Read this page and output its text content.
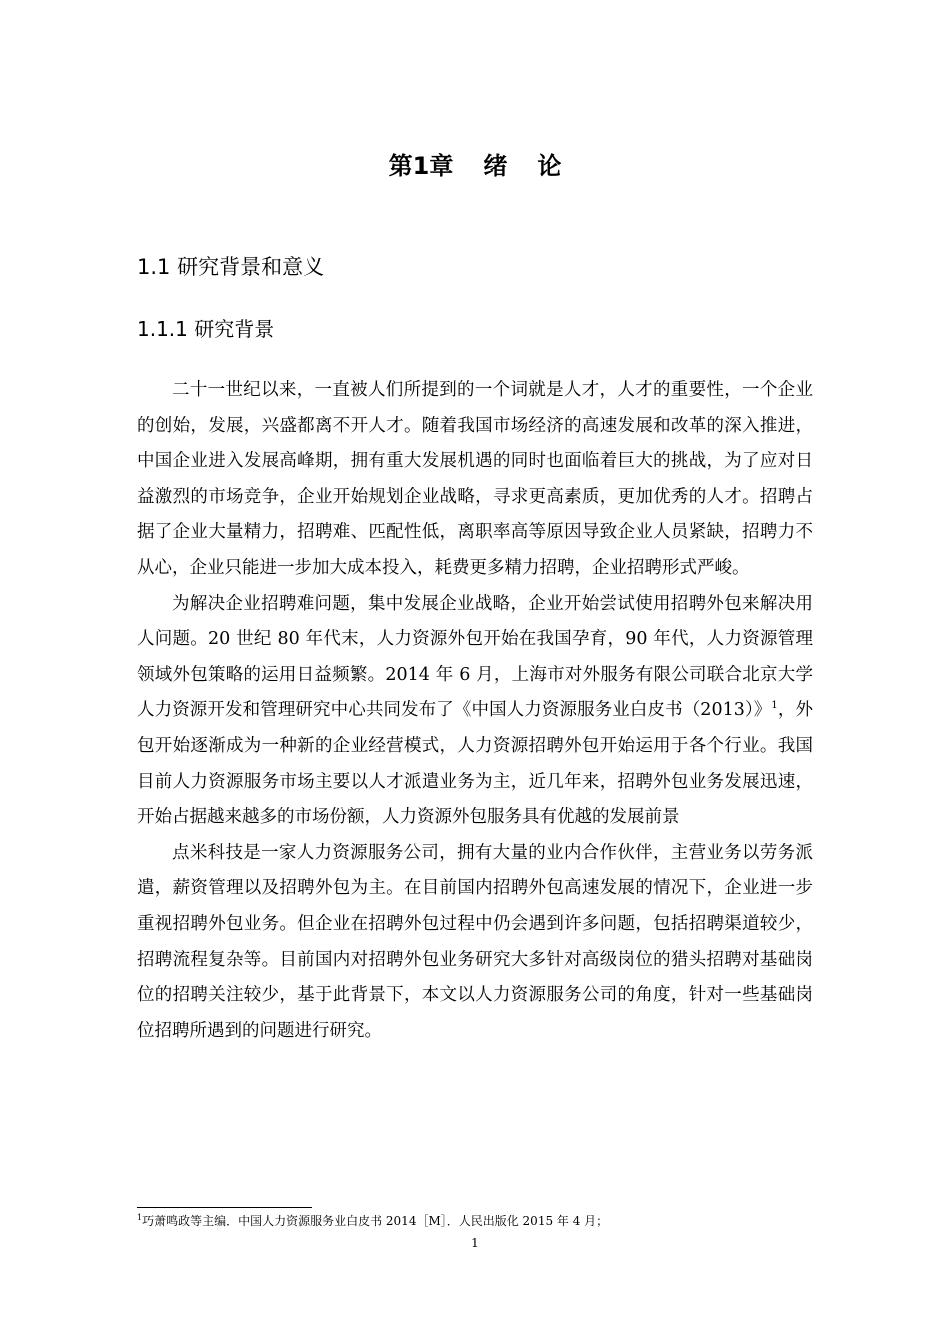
第1章 绪 论
1.1 研究背景和意义
1.1.1 研究背景

二十一世纪以来，一直被人们所提到的一个词就是人才，人才的重要性，一个企业的创始，发展，兴盛都离不开人才。随着我国市场经济的高速发展和改革的深入推进，中国企业进入发展高峰期，拥有重大发展机遇的同时也面临着巨大的挑战，为了应对日益激烈的市场竞争，企业开始规划企业战略，寻求更高素质，更加优秀的人才。招聘占据了企业大量精力，招聘难、匹配性低，离职率高等原因导致企业人员紧缺，招聘力不从心，企业只能进一步加大成本投入，耗费更多精力招聘，企业招聘形式严峻。

为解决企业招聘难问题，集中发展企业战略，企业开始尝试使用招聘外包来解决用人问题。20 世纪 80 年代末，人力资源外包开始在我国孕育，90 年代，人力资源管理领域外包策略的运用日益频繁。2014 年 6 月，上海市对外服务有限公司联合北京大学人力资源开发和管理研究中心共同发布了《中国人力资源服务业白皮书（2013）》$^1$，外包开始逐渐成为一种新的企业经营模式，人力资源招聘外包开始运用于各个行业。我国目前人力资源服务市场主要以人才派遣业务为主，近几年来，招聘外包业务发展迅速，开始占据越来越多的市场份额，人力资源外包服务具有优越的发展前景

点米科技是一家人力资源服务公司，拥有大量的业内合作伙伴，主营业务以劳务派遣，薪资管理以及招聘外包为主。在目前国内招聘外包高速发展的情况下，企业进一步重视招聘外包业务。但企业在招聘外包过程中仍会遇到许多问题，包括招聘渠道较少，招聘流程复杂等。目前国内对招聘外包业务研究大多针对高级岗位的猎头招聘对基础岗位的招聘关注较少，基于此背景下，本文以人力资源服务公司的角度，针对一些基础岗位招聘所遇到的问题进行研究。

$^1$巧萧鸣政等主编．中国人力资源服务业白皮书 2014［M］．人民出版化 2015 年 4 月；
1
